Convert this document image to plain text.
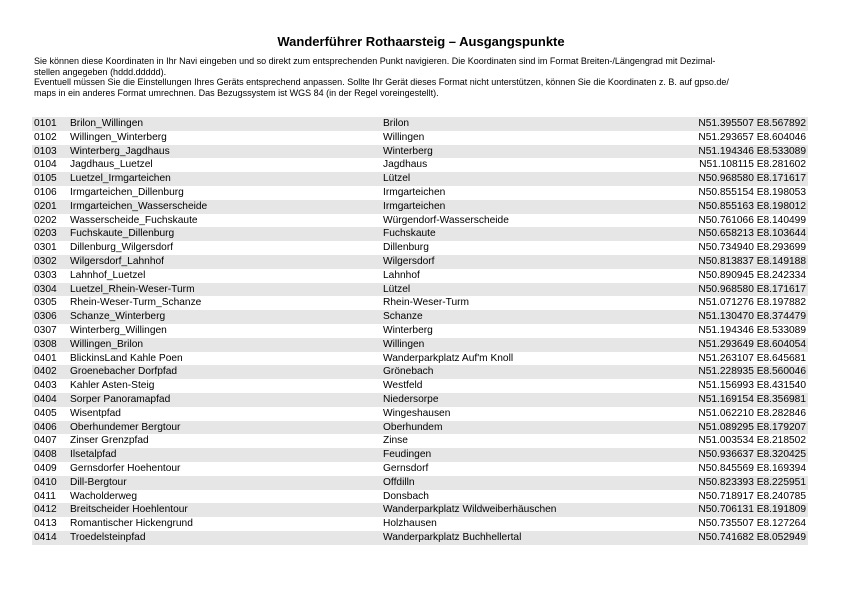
Wanderführer Rothaarsteig – Ausgangspunkte

Sie können diese Koordinaten in Ihr Navi eingeben und so direkt zum entsprechenden Punkt navigieren. Die Koordinaten sind im Format Breiten-/Längengrad mit Dezimal-

stellen angegeben (hddd.ddddd).

Eventuell müssen Sie die Einstellungen Ihres Geräts entsprechend anpassen. Sollte Ihr Gerät dieses Format nicht unterstützen, können Sie die Koordinaten z. B. auf gpso.de/

maps in ein anderes Format umrechnen. Das Bezugssystem ist WGS 84 (in der Regel voreingestellt).

0101	Brilon_Willingen	Brilon	N51.395507 E8.567892
0102	Willingen_Winterberg	Willingen	N51.293657 E8.604046
0103	Winterberg_Jagdhaus	Winterberg	N51.194346 E8.533089
0104	Jagdhaus_Luetzel	Jagdhaus	N51.108115 E8.281602
0105	Luetzel_Irmgarteichen	Lützel	N50.968580 E8.171617
0106	Irmgarteichen_Dillenburg	Irmgarteichen	N50.855154 E8.198053
0201	Irmgarteichen_Wasserscheide	Irmgarteichen	N50.855163 E8.198012
0202	Wasserscheide_Fuchskaute	Würgendorf-Wasserscheide	N50.761066 E8.140499
0203	Fuchskaute_Dillenburg	Fuchskaute	N50.658213 E8.103644
0301	Dillenburg_Wilgersdorf	Dillenburg	N50.734940 E8.293699
0302	Wilgersdorf_Lahnhof	Wilgersdorf	N50.813837 E8.149188
0303	Lahnhof_Luetzel	Lahnhof	N50.890945 E8.242334
0304	Luetzel_Rhein-Weser-Turm	Lützel	N50.968580 E8.171617
0305	Rhein-Weser-Turm_Schanze	Rhein-Weser-Turm	N51.071276 E8.197882
0306	Schanze_Winterberg	Schanze	N51.130470 E8.374479
0307	Winterberg_Willingen	Winterberg	N51.194346 E8.533089
0308	Willingen_Brilon	Willingen	N51.293649 E8.604054
0401	BlickinsLand Kahle Poen	Wanderparkplatz Auf'm Knoll	N51.263107 E8.645681
0402	Groenebacher Dorfpfad	Grönebach	N51.228935 E8.560046
0403	Kahler Asten-Steig	Westfeld	N51.156993 E8.431540
0404	Sorper Panoramapfad	Niedersorpe	N51.169154 E8.356981
0405	Wisentpfad	Wingeshausen	N51.062210 E8.282846
0406	Oberhundemer Bergtour	Oberhundem	N51.089295 E8.179207
0407	Zinser Grenzpfad	Zinse	N51.003534 E8.218502
0408	Ilsetalpfad	Feudingen	N50.936637 E8.320425
0409	Gernsdorfer Hoehentour	Gernsdorf	N50.845569 E8.169394
0410	Dill-Bergtour	Offdilln	N50.823393 E8.225951
0411	Wacholderweg	Donsbach	N50.718917 E8.240785
0412	Breitscheider Hoehlentour	Wanderparkplatz Wildweiberhäuschen	N50.706131 E8.191809
0413	Romantischer Hickengrund	Holzhausen	N50.735507 E8.127264
0414	Troedelsteinpfad	Wanderparkplatz Buchhellertal	N50.741682 E8.052949
